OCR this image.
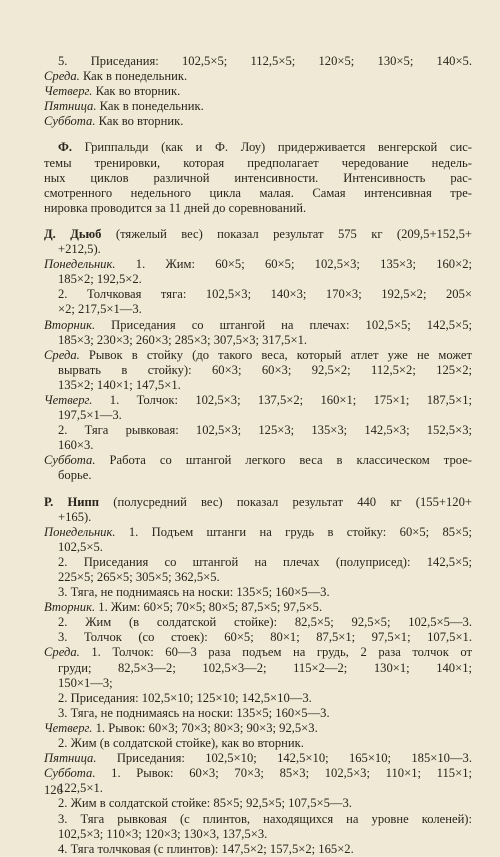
5. Приседания: 102,5×5; 112,5×5; 120×5; 130×5; 140×5.
Среда. Как в понедельник.
Четверг. Как во вторник.
Пятница. Как в понедельник.
Суббота. Как во вторник.
Ф. Гриппальди (как и Ф. Лоу) придерживается венгерской сис-
темы тренировки, которая предполагает чередование недель-
ных циклов различной интенсивности. Интенсивность рас-
смотренного недельного цикла малая. Самая интенсивная тре-
нировка проводится за 11 дней до соревнований.
Д. Дьюб (тяжелый вес) показал результат 575 кг (209,5+152,5+
+212,5).
Понедельник. 1. Жим: 60×5; 60×5; 102,5×3; 135×3; 160×2;
185×2; 192,5×2.
2. Толчковая тяга: 102,5×3; 140×3; 170×3; 192,5×2; 205×
×2; 217,5×1—3.
Вторник. Приседания со штангой на плечах: 102,5×5; 142,5×5;
185×3; 230×3; 260×3; 285×3; 307,5×3; 317,5×1.
Среда. Рывок в стойку (до такого веса, который атлет уже не может
вырвать в стойку): 60×3; 60×3; 92,5×2; 112,5×2; 125×2;
135×2; 140×1; 147,5×1.
Четверг. 1. Толчок: 102,5×3; 137,5×2; 160×1; 175×1; 187,5×1;
197,5×1—3.
2. Тяга рывковая: 102,5×3; 125×3; 135×3; 142,5×3; 152,5×3;
160×3.
Суббота. Работа со штангой легкого веса в классическом трое-
борье.
Р. Нипп (полусредний вес) показал результат 440 кг (155+120+
+165).
Понедельник. 1. Подъем штанги на грудь в стойку: 60×5; 85×5;
102,5×5.
2. Приседания со штангой на плечах (полуприсед): 142,5×5;
225×5; 265×5; 305×5; 362,5×5.
3. Тяга, не поднимаясь на носки: 135×5; 160×5—3.
Вторник. 1. Жим: 60×5; 70×5; 80×5; 87,5×5; 97,5×5.
2. Жим (в солдатской стойке): 82,5×5; 92,5×5; 102,5×5—3.
3. Толчок (со стоек): 60×5; 80×1; 87,5×1; 97,5×1; 107,5×1.
Среда. 1. Толчок: 60—3 раза подъем на грудь, 2 раза толчок от
груди; 82,5×3—2; 102,5×3—2; 115×2—2; 130×1; 140×1;
150×1—3;
2. Приседания: 102,5×10; 125×10; 142,5×10—3.
3. Тяга, не поднимаясь на носки: 135×5; 160×5—3.
Четверг. 1. Рывок: 60×3; 70×3; 80×3; 90×3; 92,5×3.
2. Жим (в солдатской стойке), как во вторник.
Пятница. Приседания: 102,5×10; 142,5×10; 165×10; 185×10—3.
Суббота. 1. Рывок: 60×3; 70×3; 85×3; 102,5×3; 110×1; 115×1;
122,5×1.
2. Жим в солдатской стойке: 85×5; 92,5×5; 107,5×5—3.
3. Тяга рывковая (с плинтов, находящихся на уровне коленей):
102,5×3; 110×3; 120×3; 130×3, 137,5×3.
4. Тяга толчковая (с плинтов): 147,5×2; 157,5×2; 165×2.
126
